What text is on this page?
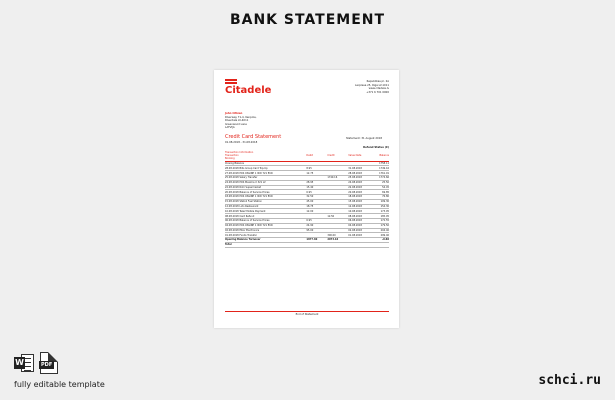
BANK STATEMENT
Citadele
Republikas pl. 2A
Lacplesa 25, Riga LV-1011
www.citadele.lv
+371 6 701 0000
John Citizen
Riverway 71-4, Kenpole,
Riverdale LV-4011
Greenwood Lane
LATVIJA
Credit Card Statement
01.08.2018 - 31.08.2018
Statement: 31 August 2018
Refund Status (€)
Transaction Information
Transaction
Booking	Debit	Credit	Value Date	Balance
Closing Balance				1758.11
28.08.2018 Bills Group Card Top-Up	8.95		31.08.2018	1749.16
27.08.2018 POS ONLINE 1 ISW 721 EUR	12.75		28.08.2018	1761.91
25.08.2018 Salary Transfer		1749.16	25.08.2018	1774.66
24.08.2018 POS Maxima X 321 LV	28.95		24.08.2018	25.50
22.08.2018 Rimi Supermarket	15.40		22.08.2018	54.45
20.08.2018 Balance of Service Prices	6.95		20.08.2018	69.85
18.08.2018 POS ONLINE 1 ISW 721 EUR	32.50		18.08.2018	76.80
15.08.2018 Statoil Fuel Station	45.00		15.08.2018	109.30
12.08.2018 Lido Restaurant	18.75		12.08.2018	154.30
10.08.2018 Tele2 Mobile Payment	12.00		10.08.2018	173.05
08.08.2018 Card Refund		12.50	08.08.2018	185.05
06.08.2018 Balance of Service Prices	6.95		06.08.2018	172.55
04.08.2018 POS ONLINE 1 ISW 721 EUR	24.90		04.08.2018	179.50
02.08.2018 Elkor Electronics	95.00		02.08.2018	204.40
01.08.2018 Funds Transfer		300.00	01.08.2018	299.40
Opening Balance Turnover	1877.60	2073.16		-0.60
Total				
End of Statement
W	PDF
fully editable template	schci.ru
